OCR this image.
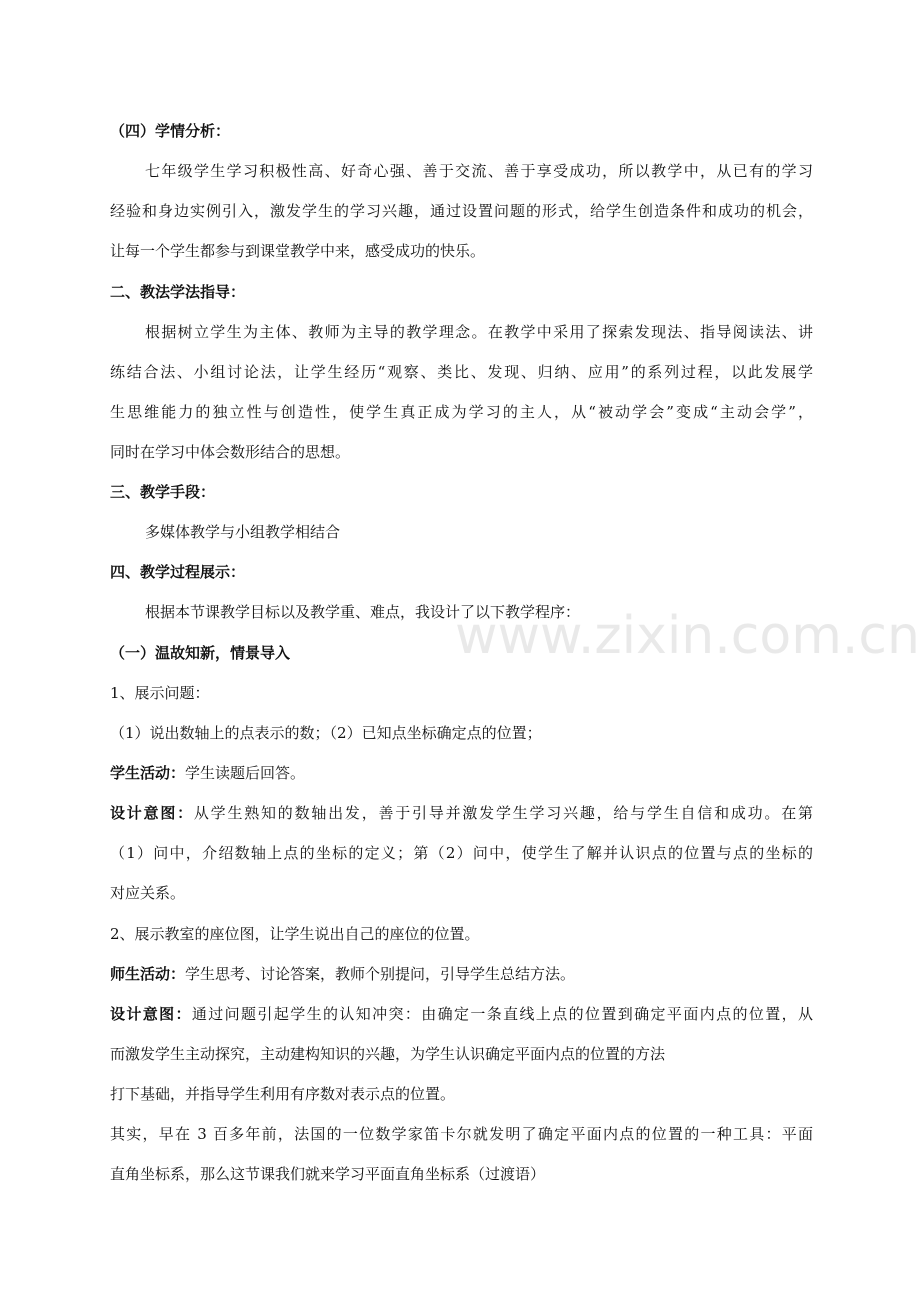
www.zixin.com.cn
（四）学情分析：
七年级学生学习积极性高、好奇心强、善于交流、善于享受成功，所以教学中，从已有的学习
经验和身边实例引入，激发学生的学习兴趣，通过设置问题的形式，给学生创造条件和成功的机会，
让每一个学生都参与到课堂教学中来，感受成功的快乐。
二、教法学法指导：
根据树立学生为主体、教师为主导的教学理念。在教学中采用了探索发现法、指导阅读法、讲
练结合法、小组讨论法，让学生经历“观察、类比、发现、归纳、应用”的系列过程，以此发展学
生思维能力的独立性与创造性，使学生真正成为学习的主人，从“被动学会”变成“主动会学”，
同时在学习中体会数形结合的思想。
三、教学手段：
多媒体教学与小组教学相结合
四、教学过程展示：
根据本节课教学目标以及教学重、难点，我设计了以下教学程序：
（一）温故知新，情景导入
1、展示问题：
（1）说出数轴上的点表示的数；（2）已知点坐标确定点的位置；
学生活动：学生读题后回答。
设计意图：从学生熟知的数轴出发，善于引导并激发学生学习兴趣，给与学生自信和成功。在第
（1）问中，介绍数轴上点的坐标的定义；第（2）问中，使学生了解并认识点的位置与点的坐标的
对应关系。
2、展示教室的座位图，让学生说出自己的座位的位置。
师生活动：学生思考、讨论答案，教师个别提问，引导学生总结方法。
设计意图：通过问题引起学生的认知冲突：由确定一条直线上点的位置到确定平面内点的位置，从
而激发学生主动探究，主动建构知识的兴趣，为学生认识确定平面内点的位置的方法
打下基础，并指导学生利用有序数对表示点的位置。
其实，早在 3 百多年前，法国的一位数学家笛卡尔就发明了确定平面内点的位置的一种工具：平面
直角坐标系，那么这节课我们就来学习平面直角坐标系（过渡语）
